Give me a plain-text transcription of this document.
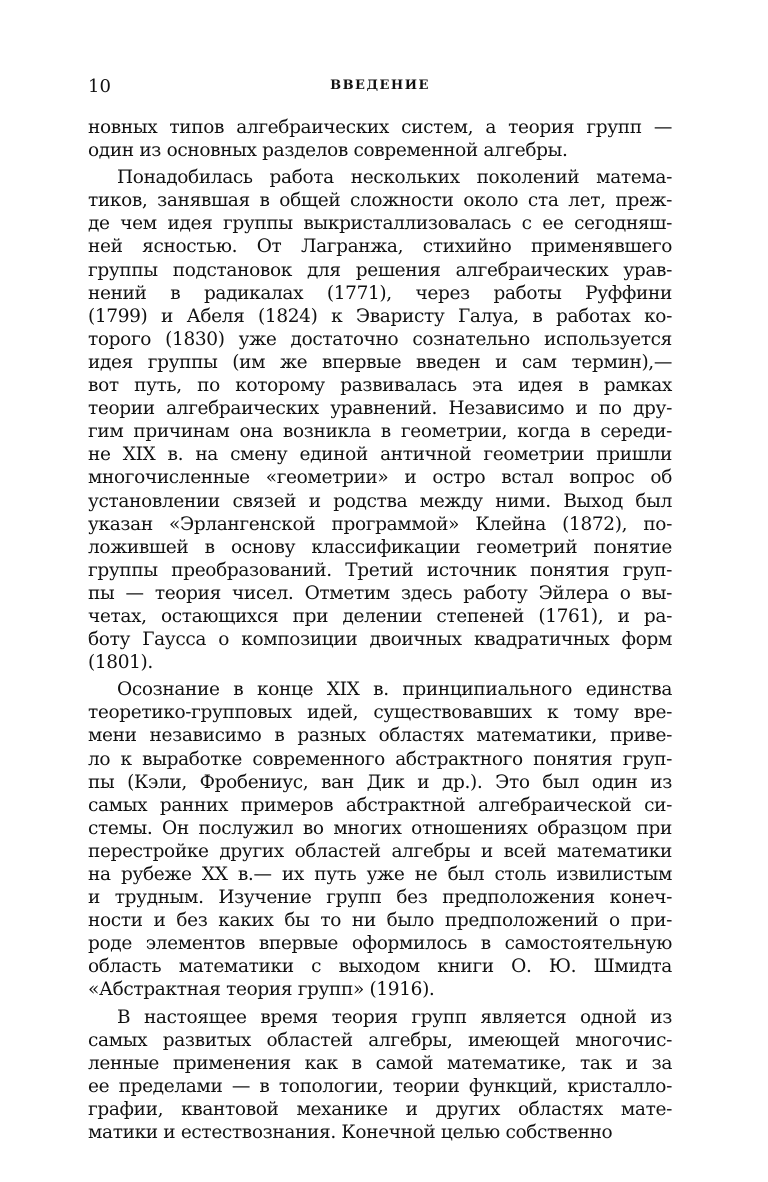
10	ВВЕДЕНИЕ
новных типов алгебраических систем, а теория групп —
один из основных разделов современной алгебры.
Понадобилась работа нескольких поколений матема-
тиков, занявшая в общей сложности около ста лет, преж-
де чем идея группы выкристаллизовалась с ее сегодняш-
ней ясностью. От Лагранжа, стихийно применявшего
группы подстановок для решения алгебраических урав-
нений в радикалах (1771), через работы Руффини
(1799) и Абеля (1824) к Эваристу Галуа, в работах ко-
торого (1830) уже достаточно сознательно используется
идея группы (им же впервые введен и сам термин),—
вот путь, по которому развивалась эта идея в рамках
теории алгебраических уравнений. Независимо и по дру-
гим причинам она возникла в геометрии, когда в середи-
не XIX в. на смену единой античной геометрии пришли
многочисленные «геометрии» и остро встал вопрос об
установлении связей и родства между ними. Выход был
указан «Эрлангенской программой» Клейна (1872), по-
ложившей в основу классификации геометрий понятие
группы преобразований. Третий источник понятия груп-
пы — теория чисел. Отметим здесь работу Эйлера о вы-
четах, остающихся при делении степеней (1761), и ра-
боту Гаусса о композиции двоичных квадратичных форм
(1801).
Осознание в конце XIX в. принципиального единства
теоретико-групповых идей, существовавших к тому вре-
мени независимо в разных областях математики, приве-
ло к выработке современного абстрактного понятия груп-
пы (Кэли, Фробениус, ван Дик и др.). Это был один из
самых ранних примеров абстрактной алгебраической си-
стемы. Он послужил во многих отношениях образцом при
перестройке других областей алгебры и всей математики
на рубеже XX в.— их путь уже не был столь извилистым
и трудным. Изучение групп без предположения конеч-
ности и без каких бы то ни было предположений о при-
роде элементов впервые оформилось в самостоятельную
область математики с выходом книги О. Ю. Шмидта
«Абстрактная теория групп» (1916).
В настоящее время теория групп является одной из
самых развитых областей алгебры, имеющей многочис-
ленные применения как в самой математике, так и за
ее пределами — в топологии, теории функций, кристалло-
графии, квантовой механике и других областях мате-
матики и естествознания. Конечной целью собственно
